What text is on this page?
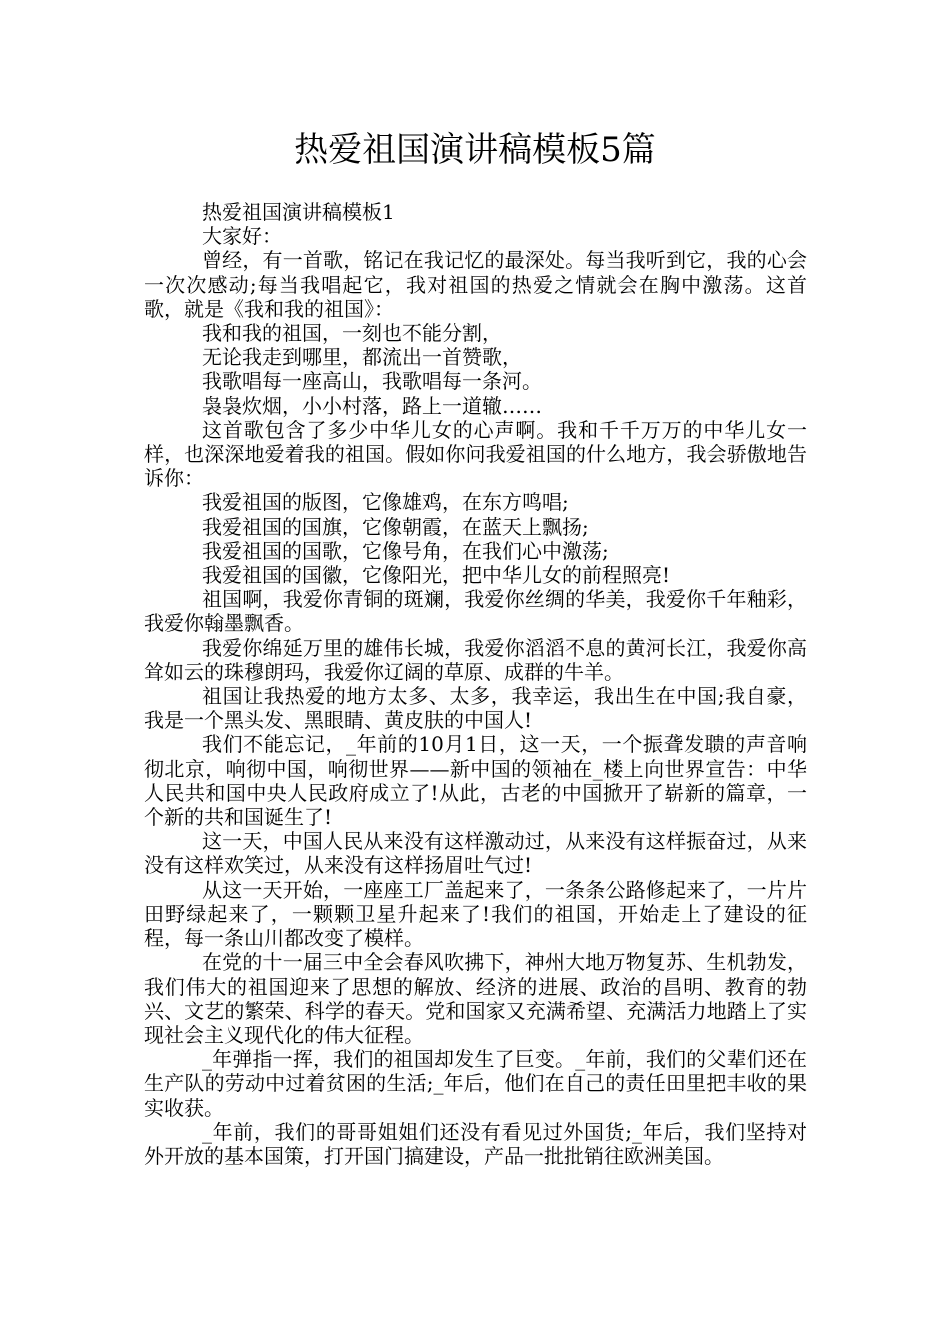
热爱祖国演讲稿模板5篇

热爱祖国演讲稿模板1

大家好：

曾经，有一首歌，铭记在我记忆的最深处。每当我听到它，我的心会一次次感动;每当我唱起它，我对祖国的热爱之情就会在胸中激荡。这首歌，就是《我和我的祖国》：

我和我的祖国，一刻也不能分割，

无论我走到哪里，都流出一首赞歌，

我歌唱每一座高山，我歌唱每一条河。

袅袅炊烟，小小村落，路上一道辙……

这首歌包含了多少中华儿女的心声啊。我和千千万万的中华儿女一样，也深深地爱着我的祖国。假如你问我爱祖国的什么地方，我会骄傲地告诉你：

我爱祖国的版图，它像雄鸡，在东方鸣唱;

我爱祖国的国旗，它像朝霞，在蓝天上飘扬;

我爱祖国的国歌，它像号角，在我们心中激荡;

我爱祖国的国徽，它像阳光，把中华儿女的前程照亮!

祖国啊，我爱你青铜的斑斓，我爱你丝绸的华美，我爱你千年釉彩，我爱你翰墨飘香。

我爱你绵延万里的雄伟长城，我爱你滔滔不息的黄河长江，我爱你高耸如云的珠穆朗玛，我爱你辽阔的草原、成群的牛羊。

祖国让我热爱的地方太多、太多，我幸运，我出生在中国;我自豪，我是一个黑头发、黑眼睛、黄皮肤的中国人!

我们不能忘记，_年前的10月1日，这一天，一个振聋发聩的声音响彻北京，响彻中国，响彻世界——新中国的领袖在_楼上向世界宣告：中华人民共和国中央人民政府成立了!从此，古老的中国掀开了崭新的篇章，一个新的共和国诞生了!

这一天，中国人民从来没有这样激动过，从来没有这样振奋过，从来没有这样欢笑过，从来没有这样扬眉吐气过!

从这一天开始，一座座工厂盖起来了，一条条公路修起来了，一片片田野绿起来了，一颗颗卫星升起来了!我们的祖国，开始走上了建设的征程，每一条山川都改变了模样。

在党的十一届三中全会春风吹拂下，神州大地万物复苏、生机勃发，我们伟大的祖国迎来了思想的解放、经济的进展、政治的昌明、教育的勃兴、文艺的繁荣、科学的春天。党和国家又充满希望、充满活力地踏上了实现社会主义现代化的伟大征程。

_年弹指一挥，我们的祖国却发生了巨变。_年前，我们的父辈们还在生产队的劳动中过着贫困的生活;_年后，他们在自己的责任田里把丰收的果实收获。

_年前，我们的哥哥姐姐们还没有看见过外国货;_年后，我们坚持对外开放的基本国策，打开国门搞建设，产品一批批销往欧洲美国。
